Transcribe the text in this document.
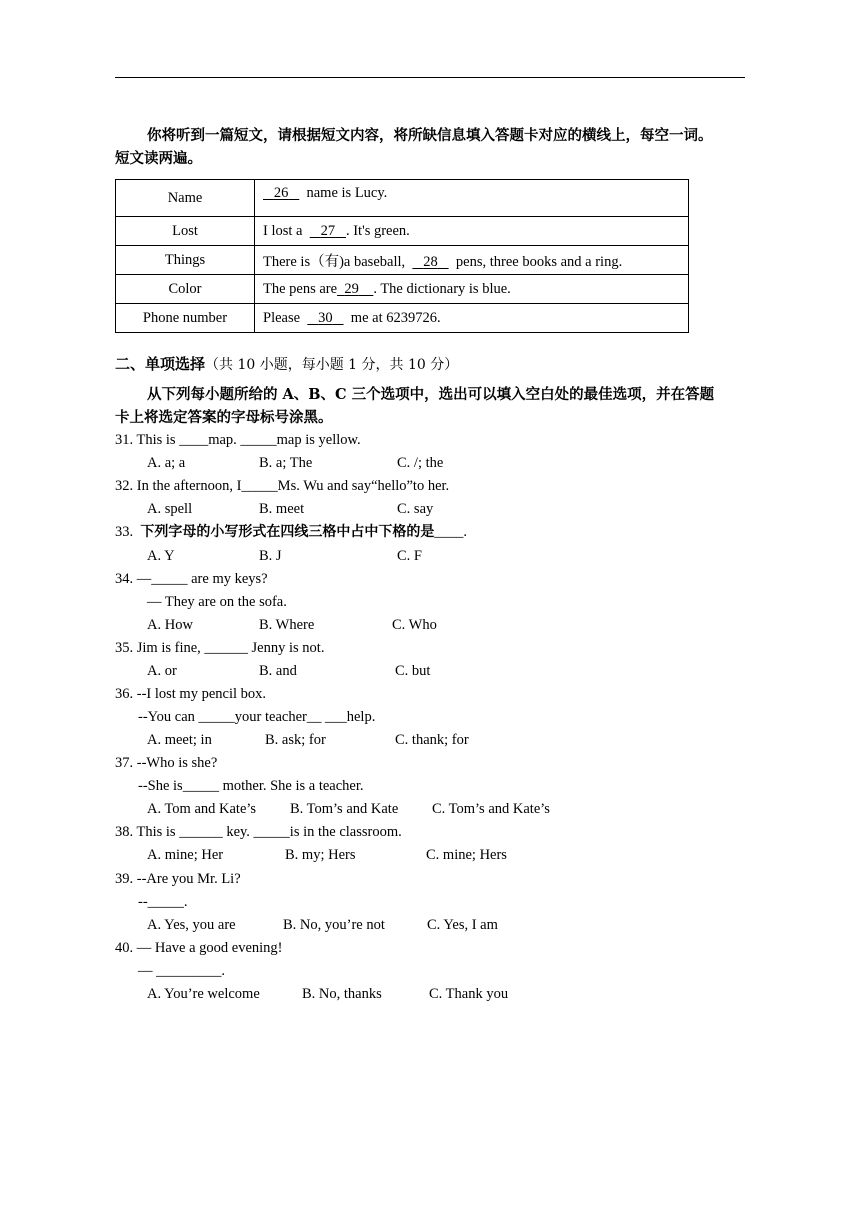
你将听到一篇短文，请根据短文内容，将所缺信息填入答题卡对应的横线上，每空一词。
短文读两遍。
Name	26     name is Lucy.
Lost	I lost a     27 . It's green.
Things	There is（有)a baseball,     28     pens, three books and a ring.
Color	The pens are 29 . The dictionary is blue.
Phone number	Please     30     me at 6239726.
二、单项选择（共 10 小题，每小题 1 分，共 10 分）
从下列每小题所给的 A、B、C 三个选项中，选出可以填入空白处的最佳选项，并在答题
卡上将选定答案的字母标号涂黑。
31. This is ____map. _____map is yellow.
A. a; a	B. a; The	C. /; the
32. In the afternoon, I_____Ms. Wu and say“hello”to her.
A. spell	B. meet	C. say
33. 下列字母的小写形式在四线三格中占中下格的是____.
A. Y	B. J	C. F
34. —_____ are my keys?
— They are on the sofa.
A. How	B. Where	C. Who
35. Jim is fine, ______ Jenny is not.
A. or	B. and	C. but
36. --I lost my pencil box.
--You can _____your teacher__ ___help.
A. meet; in	B. ask; for	C. thank; for
37. --Who is she?
--She is_____ mother. She is a teacher.
A. Tom and Kate’s B. Tom’s and Kate C. Tom’s and Kate’s
38. This is ______ key. _____is in the classroom.
A. mine; Her	B. my; Hers	C. mine; Hers
39. --Are you Mr. Li?
--_____.
A. Yes, you are	B. No, you’re not	C. Yes, I am
40. — Have a good evening!
— _________.
A. You’re welcome	B. No, thanks	C. Thank you
